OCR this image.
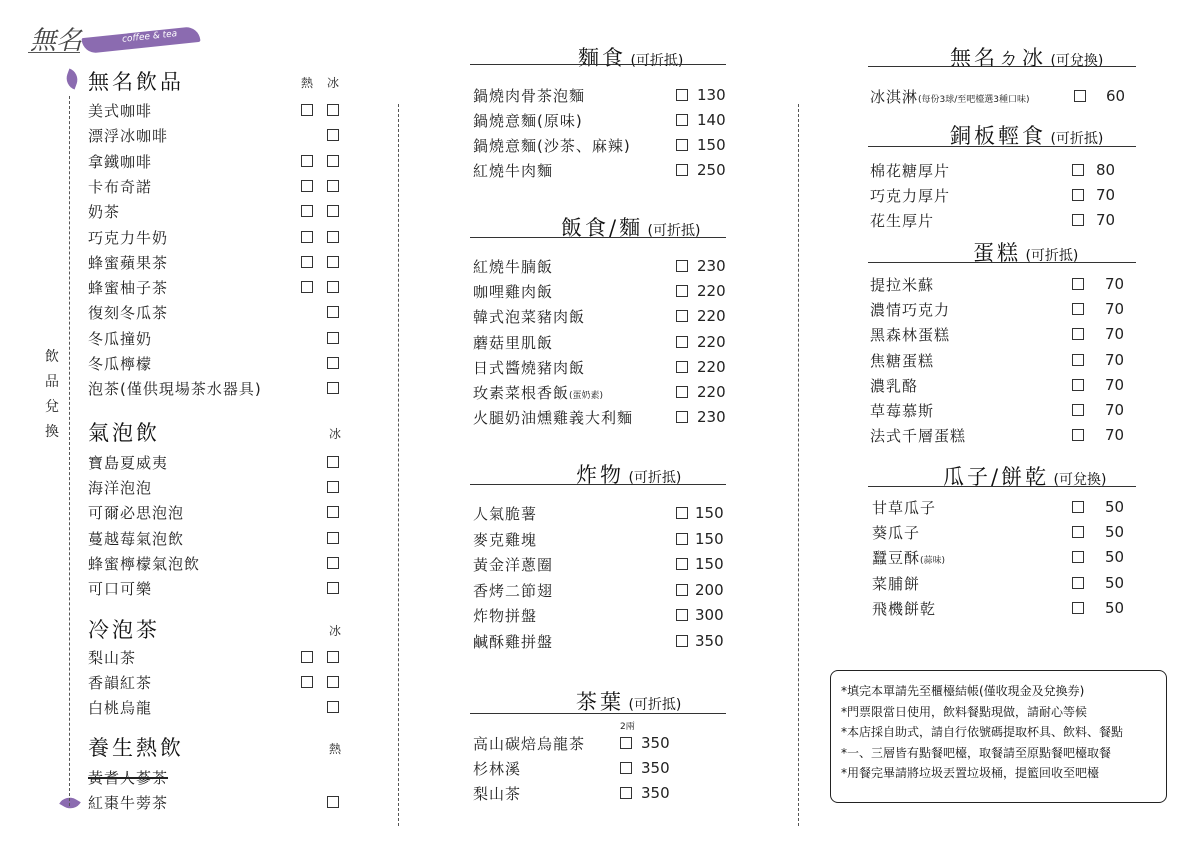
coffee & tea
無名
飲
品
兌
換
無名飲品	熱 冰
美式咖啡
漂浮冰咖啡
拿鐵咖啡
卡布奇諾
奶茶
巧克力牛奶
蜂蜜蘋果茶
蜂蜜柚子茶
復刻冬瓜茶
冬瓜撞奶
冬瓜檸檬
泡茶(僅供現場茶水器具)
氣泡飲	冰
寶島夏威夷
海洋泡泡
可爾必思泡泡
蔓越莓氣泡飲
蜂蜜檸檬氣泡飲
可口可樂
冷泡茶	冰
梨山茶
香韻紅茶
白桃烏龍
養生熱飲	熱
黃耆人蔘茶
紅棗牛蒡茶
麵食 (可折抵)
鍋燒肉骨茶泡麵	130
鍋燒意麵(原味)	140
鍋燒意麵(沙茶、麻辣)	150
紅燒牛肉麵	250
飯食/麵 (可折抵)
紅燒牛腩飯	230
咖哩雞肉飯	220
韓式泡菜豬肉飯	220
蘑菇里肌飯	220
日式醬燒豬肉飯	220
玫素菜根香飯(蛋奶素)	220
火腿奶油燻雞義大利麵	230
炸物 (可折抵)
人氣脆薯	150
麥克雞塊	150
黃金洋蔥圈	150
香烤二節翅	200
炸物拼盤	300
鹹酥雞拼盤	350
茶葉 (可折抵)
高山碳焙烏龍茶	350
杉林溪	350
梨山茶	350
2兩
無名ㄉ冰 (可兌換)
冰淇淋(每份3球/至吧檯選3種口味)	60
銅板輕食 (可折抵)
棉花糖厚片	80
巧克力厚片	70
花生厚片	70
蛋糕 (可折抵)
提拉米蘇	70
濃情巧克力	70
黑森林蛋糕	70
焦糖蛋糕	70
濃乳酪	70
草莓慕斯	70
法式千層蛋糕	70
瓜子/餅乾 (可兌換)
甘草瓜子	50
葵瓜子	50
蠶豆酥(蒜味)	50
菜脯餅	50
飛機餅乾	50
*填完本單請先至櫃檯結帳(僅收現金及兌換券)
*門票限當日使用，飲料餐點現做，請耐心等候
*本店採自助式，請自行依號碼提取杯具、飲料、餐點
*一、三層皆有點餐吧檯，取餐請至原點餐吧檯取餐
*用餐完畢請將垃圾丟置垃圾桶，提籃回收至吧檯
